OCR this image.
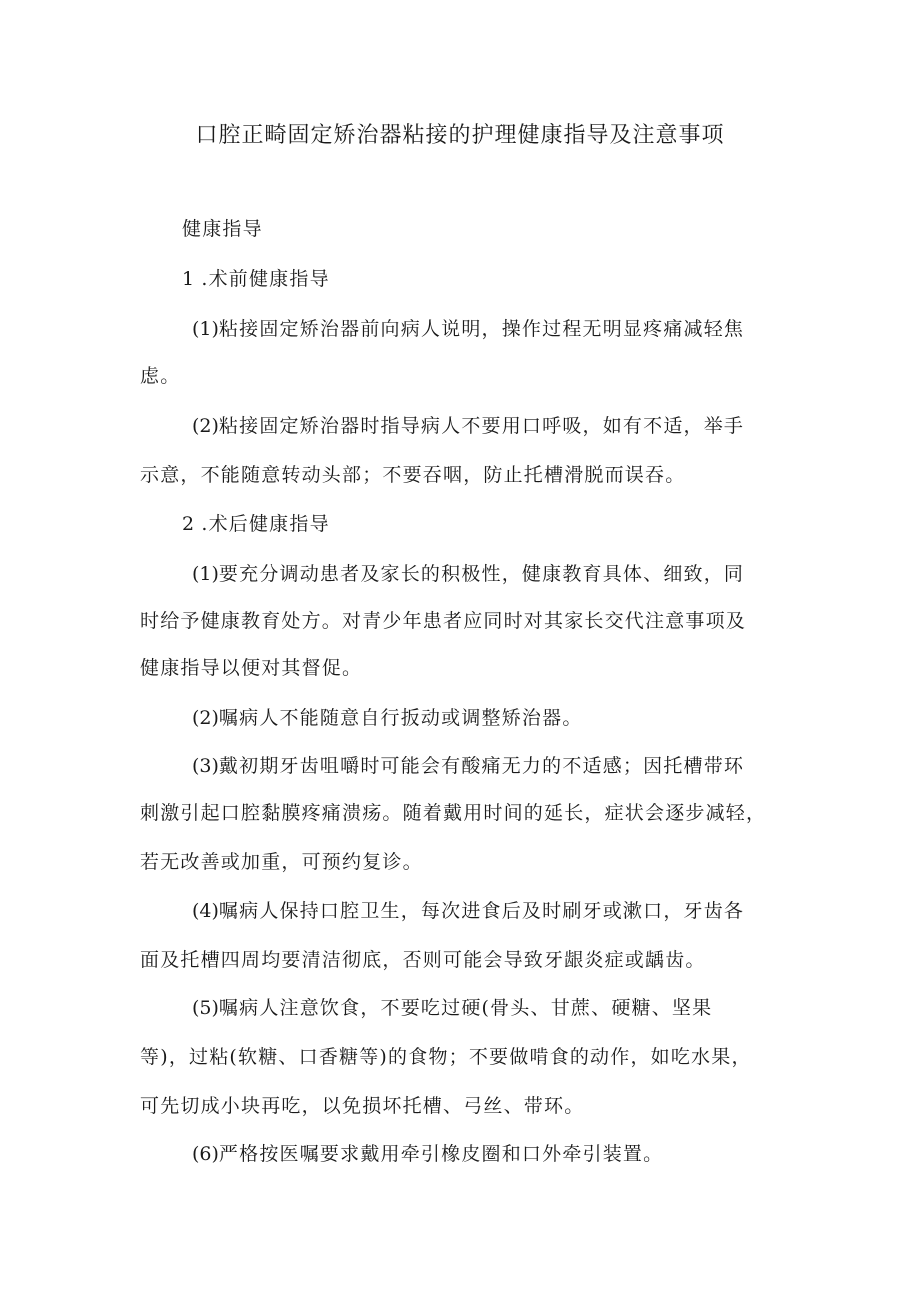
口腔正畸固定矫治器粘接的护理健康指导及注意事项
健康指导
1 .术前健康指导
(1)粘接固定矫治器前向病人说明，操作过程无明显疼痛减轻焦
虑。
(2)粘接固定矫治器时指导病人不要用口呼吸，如有不适，举手
示意，不能随意转动头部；不要吞咽，防止托槽滑脱而误吞。
2 .术后健康指导
(1)要充分调动患者及家长的积极性，健康教育具体、细致，同
时给予健康教育处方。对青少年患者应同时对其家长交代注意事项及
健康指导以便对其督促。
(2)嘱病人不能随意自行扳动或调整矫治器。
(3)戴初期牙齿咀嚼时可能会有酸痛无力的不适感；因托槽带环
刺激引起口腔黏膜疼痛溃疡。随着戴用时间的延长，症状会逐步减轻，
若无改善或加重，可预约复诊。
(4)嘱病人保持口腔卫生，每次进食后及时刷牙或漱口，牙齿各
面及托槽四周均要清洁彻底，否则可能会导致牙龈炎症或龋齿。
(5)嘱病人注意饮食，不要吃过硬(骨头、甘蔗、硬糖、坚果
等)，过粘(软糖、口香糖等)的食物；不要做啃食的动作，如吃水果，
可先切成小块再吃，以免损坏托槽、弓丝、带环。
(6)严格按医嘱要求戴用牵引橡皮圈和口外牵引装置。
